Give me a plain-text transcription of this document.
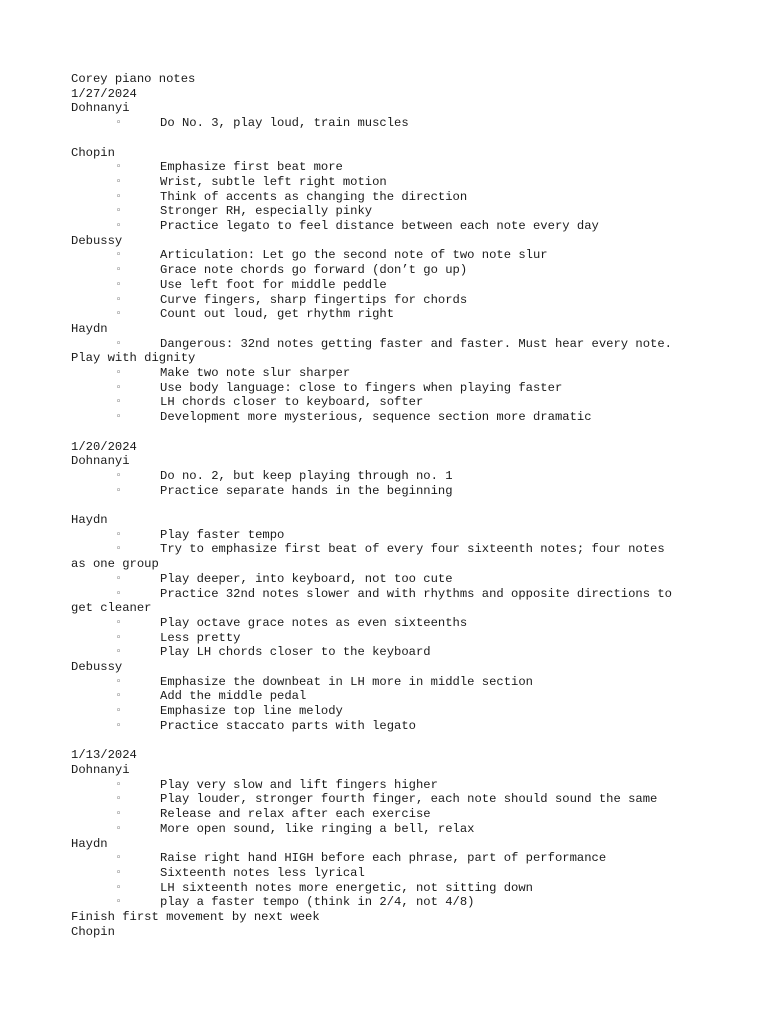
Corey piano notes
1/27/2024
Dohnanyi
◦	Do No. 3, play loud, train muscles
Chopin
◦	Emphasize first beat more
◦	Wrist, subtle left right motion
◦	Think of accents as changing the direction
◦	Stronger RH, especially pinky
◦	Practice legato to feel distance between each note every day
Debussy
◦	Articulation: Let go the second note of two note slur
◦	Grace note chords go forward (don’t go up)
◦	Use left foot for middle peddle
◦	Curve fingers, sharp fingertips for chords
◦	Count out loud, get rhythm right
Haydn
◦	Dangerous: 32nd notes getting faster and faster. Must hear every note.
Play with dignity
◦	Make two note slur sharper
◦	Use body language: close to fingers when playing faster
◦	LH chords closer to keyboard, softer
◦	Development more mysterious, sequence section more dramatic
1/20/2024
Dohnanyi
◦	Do no. 2, but keep playing through no. 1
◦	Practice separate hands in the beginning
Haydn
◦	Play faster tempo
◦	Try to emphasize first beat of every four sixteenth notes; four notes
as one group
◦	Play deeper, into keyboard, not too cute
◦	Practice 32nd notes slower and with rhythms and opposite directions to
get cleaner
◦	Play octave grace notes as even sixteenths
◦	Less pretty
◦	Play LH chords closer to the keyboard
Debussy
◦	Emphasize the downbeat in LH more in middle section
◦	Add the middle pedal
◦	Emphasize top line melody
◦	Practice staccato parts with legato
1/13/2024
Dohnanyi
◦	Play very slow and lift fingers higher
◦	Play louder, stronger fourth finger, each note should sound the same
◦	Release and relax after each exercise
◦	More open sound, like ringing a bell, relax
Haydn
◦	Raise right hand HIGH before each phrase, part of performance
◦	Sixteenth notes less lyrical
◦	LH sixteenth notes more energetic, not sitting down
◦	play a faster tempo (think in 2/4, not 4/8)
Finish first movement by next week
Chopin
